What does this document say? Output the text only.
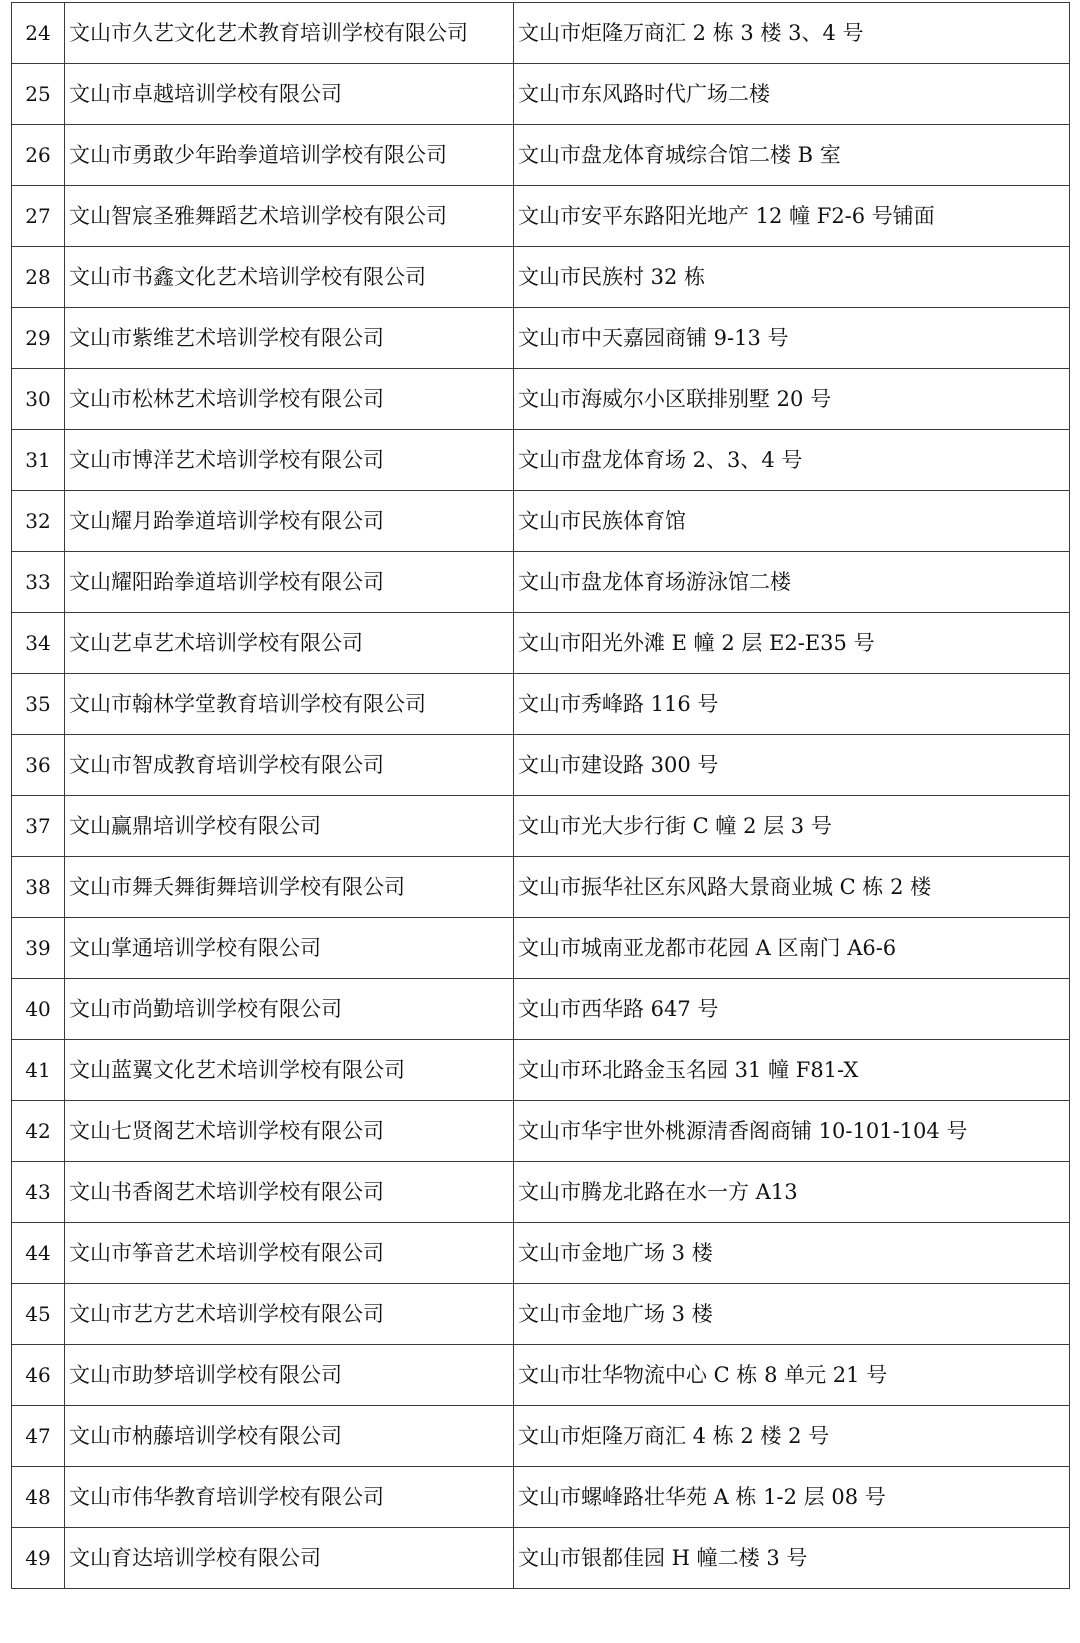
24	文山市久艺文化艺术教育培训学校有限公司	文山市炬隆万商汇 2 栋 3 楼 3、4 号
25	文山市卓越培训学校有限公司	文山市东风路时代广场二楼
26	文山市勇敢少年跆拳道培训学校有限公司	文山市盘龙体育城综合馆二楼 B 室
27	文山智宸圣雅舞蹈艺术培训学校有限公司	文山市安平东路阳光地产 12 幢 F2-6 号铺面
28	文山市书鑫文化艺术培训学校有限公司	文山市民族村 32 栋
29	文山市紫维艺术培训学校有限公司	文山市中天嘉园商铺 9-13 号
30	文山市松林艺术培训学校有限公司	文山市海威尔小区联排别墅 20 号
31	文山市博洋艺术培训学校有限公司	文山市盘龙体育场 2、3、4 号
32	文山耀月跆拳道培训学校有限公司	文山市民族体育馆
33	文山耀阳跆拳道培训学校有限公司	文山市盘龙体育场游泳馆二楼
34	文山艺卓艺术培训学校有限公司	文山市阳光外滩 E 幢 2 层 E2-E35 号
35	文山市翰林学堂教育培训学校有限公司	文山市秀峰路 116 号
36	文山市智成教育培训学校有限公司	文山市建设路 300 号
37	文山赢鼎培训学校有限公司	文山市光大步行街 C 幢 2 层 3 号
38	文山市舞夭舞街舞培训学校有限公司	文山市振华社区东风路大景商业城 C 栋 2 楼
39	文山掌通培训学校有限公司	文山市城南亚龙都市花园 A 区南门 A6-6
40	文山市尚勤培训学校有限公司	文山市西华路 647 号
41	文山蓝翼文化艺术培训学校有限公司	文山市环北路金玉名园 31 幢 F81-X
42	文山七贤阁艺术培训学校有限公司	文山市华宇世外桃源清香阁商铺 10-101-104 号
43	文山书香阁艺术培训学校有限公司	文山市腾龙北路在水一方 A13
44	文山市筝音艺术培训学校有限公司	文山市金地广场 3 楼
45	文山市艺方艺术培训学校有限公司	文山市金地广场 3 楼
46	文山市助梦培训学校有限公司	文山市壮华物流中心 C 栋 8 单元 21 号
47	文山市枘藤培训学校有限公司	文山市炬隆万商汇 4 栋 2 楼 2 号
48	文山市伟华教育培训学校有限公司	文山市螺峰路壮华苑 A 栋 1-2 层 08 号
49	文山育达培训学校有限公司	文山市银都佳园 H 幢二楼 3 号
